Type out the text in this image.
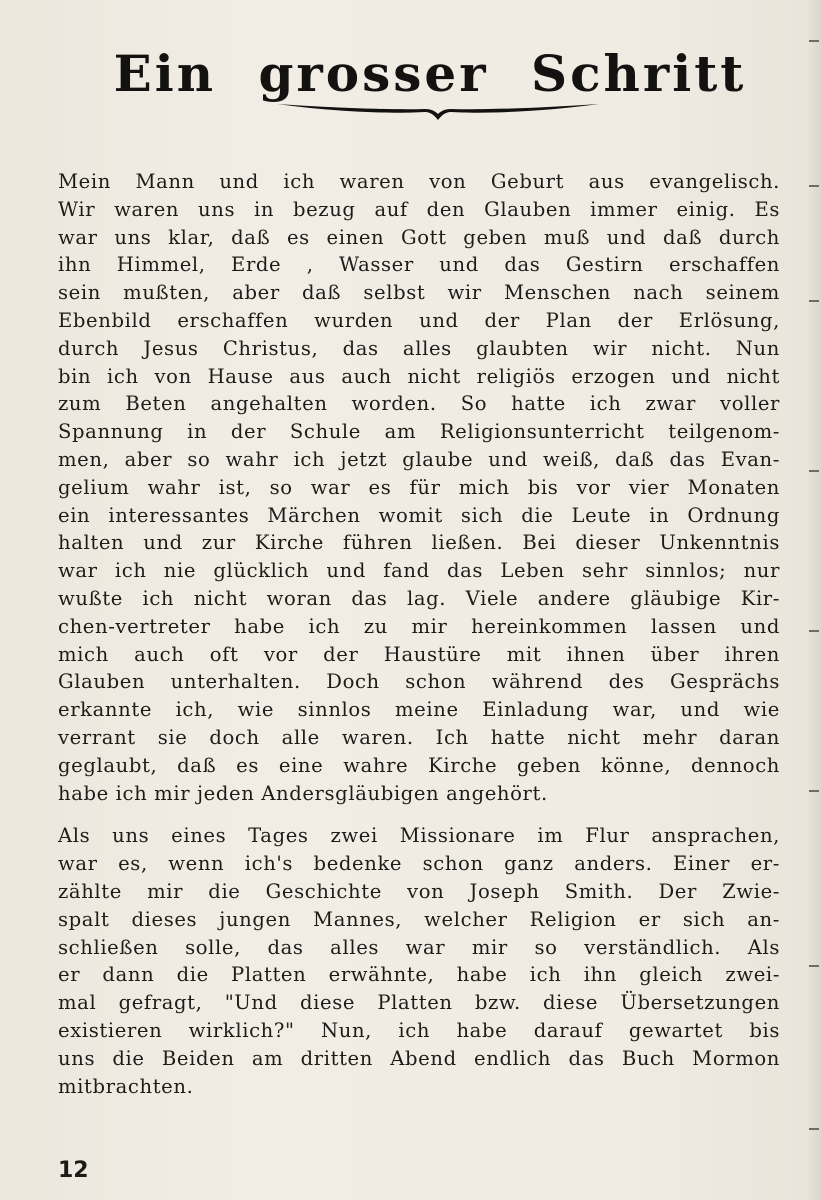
Ein grosser Schritt
Mein Mann und ich waren von Geburt aus evangelisch.
Wir waren uns in bezug auf den Glauben immer einig. Es
war uns klar, daß es einen Gott geben muß und daß durch
ihn Himmel, Erde , Wasser und das Gestirn erschaffen
sein mußten, aber daß selbst wir Menschen nach seinem
Ebenbild erschaffen wurden und der Plan der Erlösung,
durch Jesus Christus, das alles glaubten wir nicht. Nun
bin ich von Hause aus auch nicht religiös erzogen und nicht
zum Beten angehalten worden. So hatte ich zwar voller
Spannung in der Schule am Religionsunterricht teilgenom-
men, aber so wahr ich jetzt glaube und weiß, daß das Evan-
gelium wahr ist, so war es für mich bis vor vier Monaten
ein interessantes Märchen womit sich die Leute in Ordnung
halten und zur Kirche führen ließen. Bei dieser Unkenntnis
war ich nie glücklich und fand das Leben sehr sinnlos; nur
wußte ich nicht woran das lag. Viele andere gläubige Kir-
chen-vertreter habe ich zu mir hereinkommen lassen und
mich auch oft vor der Haustüre mit ihnen über ihren
Glauben unterhalten. Doch schon während des Gesprächs
erkannte ich, wie sinnlos meine Einladung war, und wie
verrant sie doch alle waren. Ich hatte nicht mehr daran
geglaubt, daß es eine wahre Kirche geben könne, dennoch
habe ich mir jeden Andersgläubigen angehört.
Als uns eines Tages zwei Missionare im Flur ansprachen,
war es, wenn ich's bedenke schon ganz anders. Einer er-
zählte mir die Geschichte von Joseph Smith. Der Zwie-
spalt dieses jungen Mannes, welcher Religion er sich an-
schließen solle, das alles war mir so verständlich. Als
er dann die Platten erwähnte, habe ich ihn gleich zwei-
mal gefragt, "Und diese Platten bzw. diese Übersetzungen
existieren wirklich?" Nun, ich habe darauf gewartet bis
uns die Beiden am dritten Abend endlich das Buch Mormon
mitbrachten.
12
